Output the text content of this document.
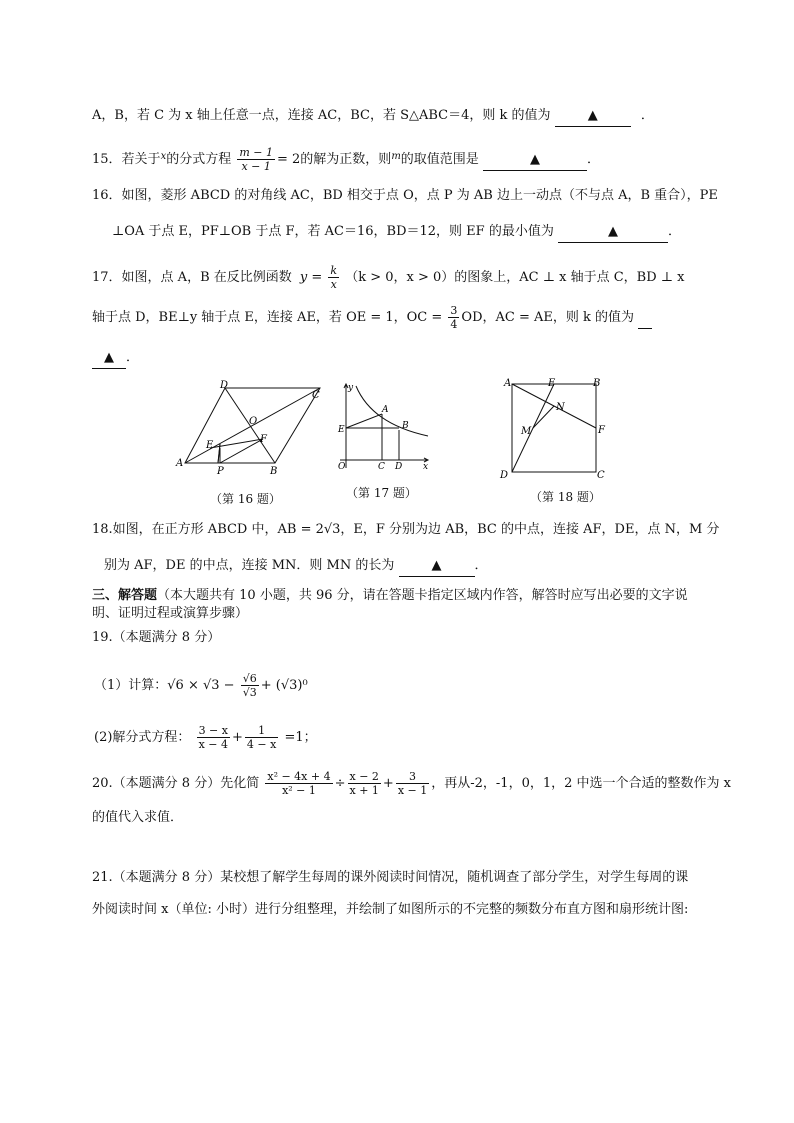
A，B，若 C 为 x 轴上任意一点，连接 AC，BC，若 S△ABC＝4，则 k 的值为	▲	．
15．若关于$^x$的分式方程 $\frac{m - 1}{x - 1} = 2$的解为正数，则$^m$的取值范围是	▲	．
16．如图，菱形 ABCD 的对角线 AC，BD 相交于点 O，点 P 为 AB 边上一动点（不与点 A，B 重合），PE
⊥OA 于点 E，PF⊥OB 于点 F，若 AC＝16，BD＝12，则 EF 的最小值为	▲	．
17．如图，点 A，B 在反比例函数 $y = \frac{k}{x} (k > 0$，x > 0）的图象上，AC ⊥ x 轴于点 C，BD ⊥ x
轴于点 D，BE⊥y 轴于点 E，连接 AE，若 OE = 1，OC = $\frac{3}{4}$ OD，AC = AE，则 k 的值为
▲ ．
D
C
O
E
F
A
P	B
（第 16 题）
y
A
B
E
O	C D x
（第 17 题）
A	E	B
N
M	F
D	C
（第 18 题）
18.如图，在正方形 ABCD 中，AB = 2√3，E，F 分别为边 AB，BC 的中点，连接 AF，DE，点 N，M 分
别为 AF，DE 的中点，连接 MN．则 MN 的长为	▲	．
三、解答题（本大题共有 10 小题，共 96 分，请在答题卡指定区域内作答，解答时应写出必要的文字说
明、证明过程或演算步骤）
19.（本题满分 8 分）
（1）计算：$√6 \times √3 - \frac{√6}{√3} + (√3)^0$
(2)解分式方程： $\frac{3 - x}{x - 4} + \frac{1}{4 - x} =1$；
20.（本题满分 8 分）先化简 $\frac{\text{x² − 4x + 4}}{\text{x² − 1}} \div \frac{x - 2}{x + 1} + \frac{3}{x - 1}$ ，再从-2，-1，0，1，2 中选一个合适的整数作为 x
的值代入求值．
21.（本题满分 8 分）某校想了解学生每周的课外阅读时间情况，随机调查了部分学生，对学生每周的课
外阅读时间 x（单位: 小时）进行分组整理，并绘制了如图所示的不完整的频数分布直方图和扇形统计图:
